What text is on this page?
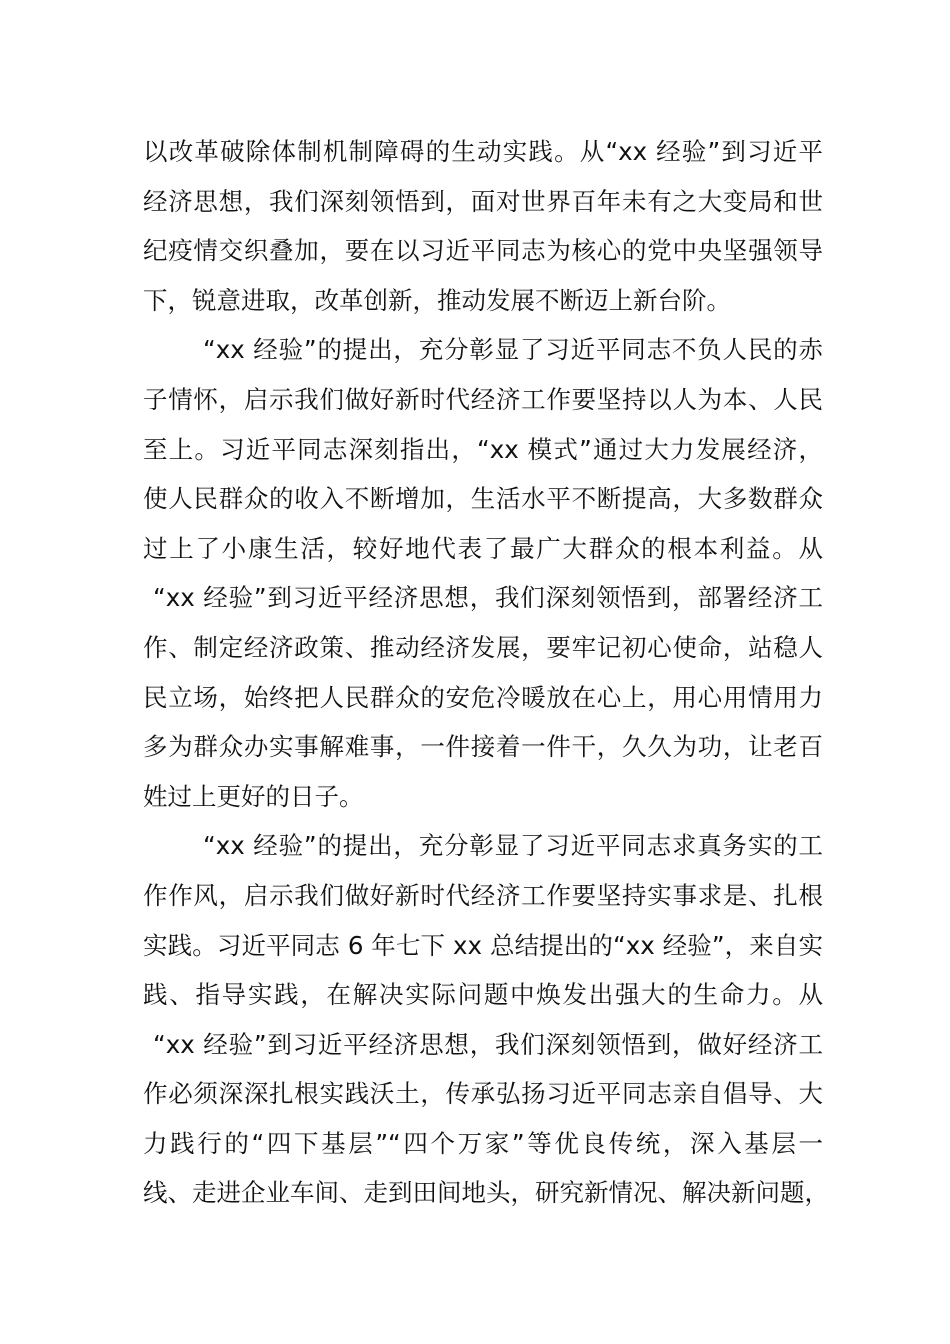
以改革破除体制机制障碍的生动实践。从“xx 经验”到习近平
经济思想，我们深刻领悟到，面对世界百年未有之大变局和世
纪疫情交织叠加，要在以习近平同志为核心的党中央坚强领导
下，锐意进取，改革创新，推动发展不断迈上新台阶。
“xx 经验”的提出，充分彰显了习近平同志不负人民的赤
子情怀，启示我们做好新时代经济工作要坚持以人为本、人民
至上。习近平同志深刻指出，“xx 模式”通过大力发展经济，
使人民群众的收入不断增加，生活水平不断提高，大多数群众
过上了小康生活，较好地代表了最广大群众的根本利益。从
“xx 经验”到习近平经济思想，我们深刻领悟到，部署经济工
作、制定经济政策、推动经济发展，要牢记初心使命，站稳人
民立场，始终把人民群众的安危冷暖放在心上，用心用情用力
多为群众办实事解难事，一件接着一件干，久久为功，让老百
姓过上更好的日子。
“xx 经验”的提出，充分彰显了习近平同志求真务实的工
作作风，启示我们做好新时代经济工作要坚持实事求是、扎根
实践。习近平同志 6 年七下 xx 总结提出的“xx 经验”，来自实
践、指导实践，在解决实际问题中焕发出强大的生命力。从
“xx 经验”到习近平经济思想，我们深刻领悟到，做好经济工
作必须深深扎根实践沃土，传承弘扬习近平同志亲自倡导、大
力践行的“四下基层”“四个万家”等优良传统，深入基层一
线、走进企业车间、走到田间地头，研究新情况、解决新问题，
